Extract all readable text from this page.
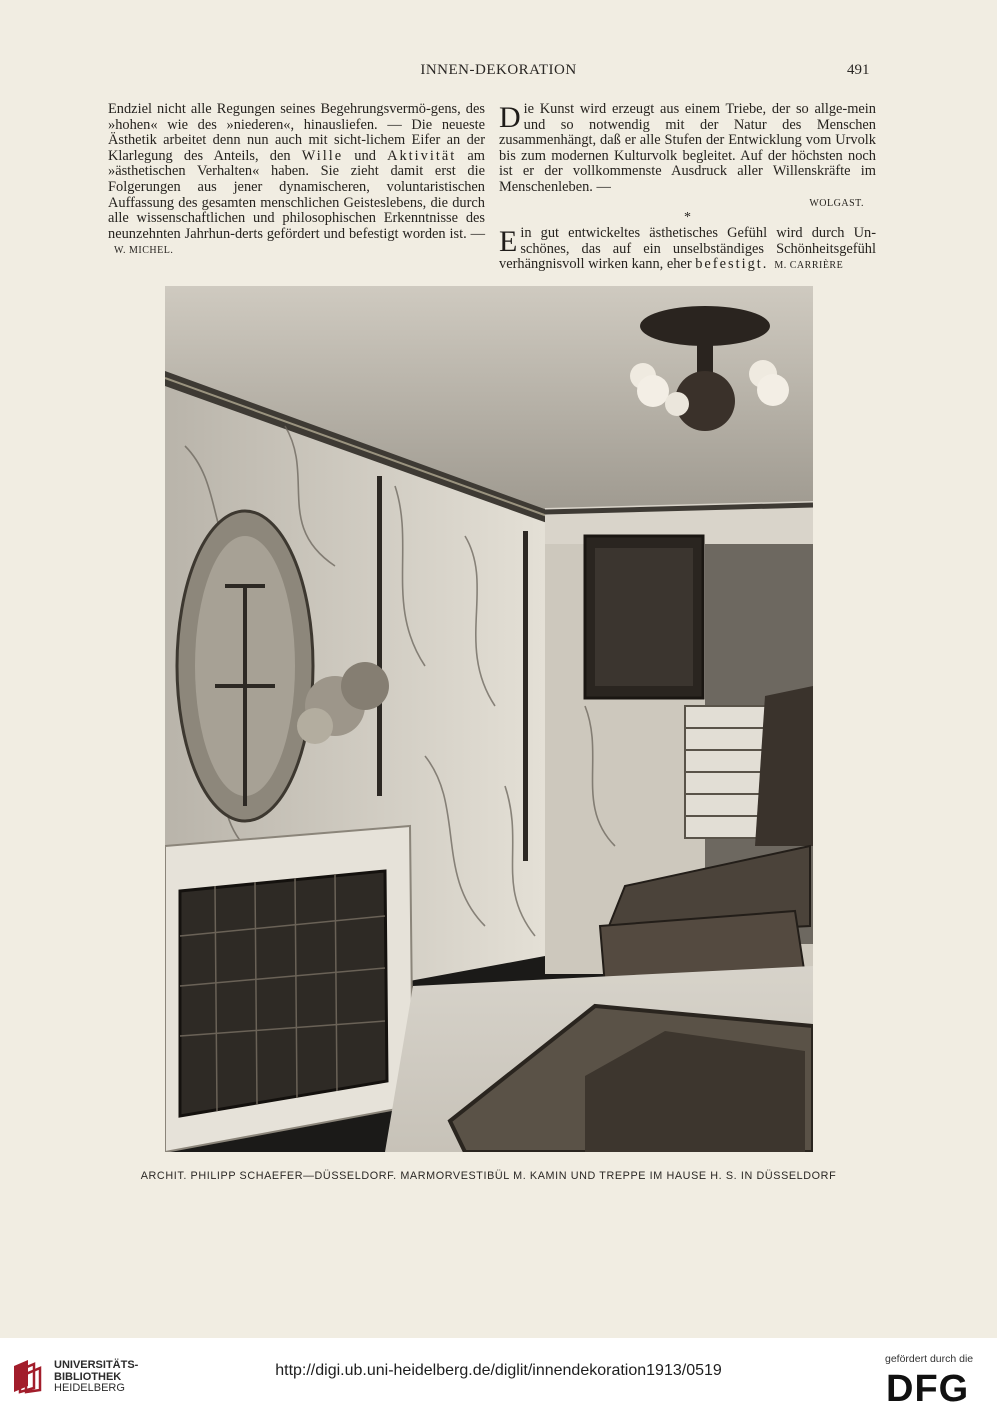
INNEN-DEKORATION	491

Endziel nicht alle Regungen seines Begehrungsvermö-gens, des »hohen« wie des »niederen«, hinausliefen. — Die neueste Ästhetik arbeitet denn nun auch mit sicht-lichem Eifer an der Klarlegung des Anteils, den Wille und Aktivität am »ästhetischen Verhalten« haben. Sie zieht damit erst die Folgerungen aus jener dynamischeren, voluntaristischen Auffassung des gesamten menschlichen Geisteslebens, die durch alle wissenschaftlichen und philosophischen Erkenntnisse des neunzehnten Jahrhun-derts gefördert und befestigt worden ist. —W. MICHEL.

Die Kunst wird erzeugt aus einem Triebe, der so allge-mein und so notwendig mit der Natur des Menschen zusammenhängt, daß er alle Stufen der Entwicklung vom Urvolk bis zum modernen Kulturvolk begleitet. Auf der höchsten noch ist er der vollkommenste Ausdruck aller Willenskräfte im Menschenleben. —
WOLGAST.

*

Ein gut entwickeltes ästhetisches Gefühl wird durch Un-schönes, das auf ein unselbständiges Schönheitsgefühl verhängnisvoll wirken kann, eher befestigt. M. CARRIÈRE

ARCHIT. PHILIPP SCHAEFER—DÜSSELDORF. MARMORVESTIBÜL M. KAMIN UND TREPPE IM HAUSE H. S. IN DÜSSELDORF
UNIVERSITÄTS-
BIBLIOTHEK
HEIDELBERG
http://digi.ub.uni-heidelberg.de/diglit/innendekoration1913/0519
gefördert durch die
DFG
